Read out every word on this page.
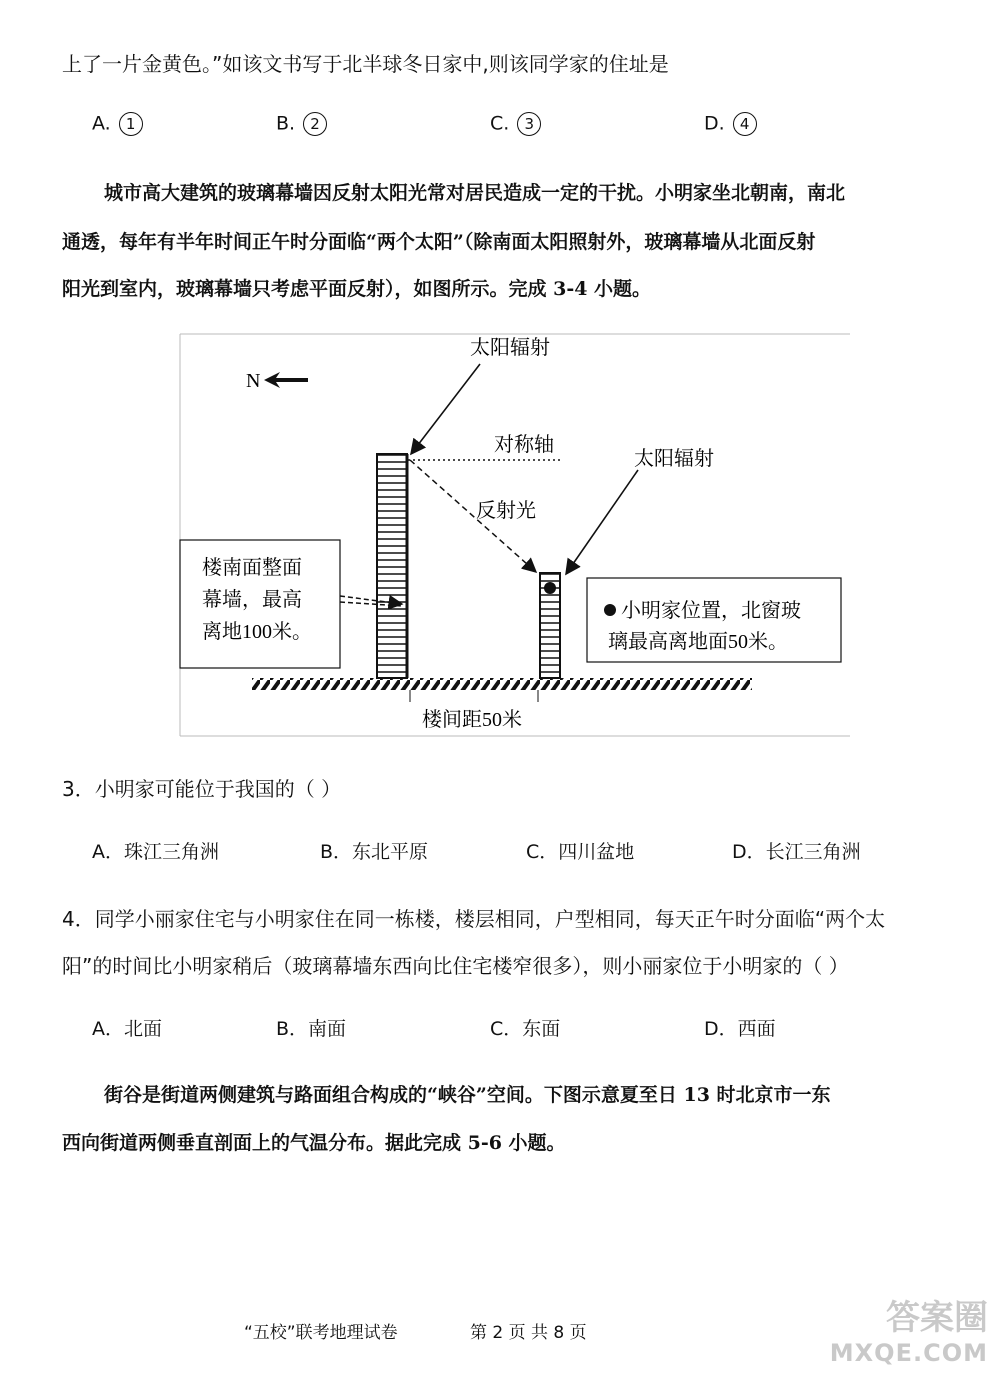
上了一片金黄色。”如该文书写于北半球冬日家中,则该同学家的住址是
A. 1	B. 2	C. 3	D. 4
城市高大建筑的玻璃幕墙因反射太阳光常对居民造成一定的干扰。小明家坐北朝南，南北
通透，每年有半年时间正午时分面临“两个太阳”（除南面太阳照射外，玻璃幕墙从北面反射
阳光到室内，玻璃幕墙只考虑平面反射），如图所示。完成 3-4 小题。
N
太阳辐射
对称轴
反射光
太阳辐射
楼南面整面
幕墙，最高
离地100米。
小明家位置，北窗玻
璃最高离地面50米。
楼间距50米
3．小明家可能位于我国的（ ）
A．珠江三角洲	B．东北平原	C．四川盆地	D．长江三角洲
4．同学小丽家住宅与小明家住在同一栋楼，楼层相同，户型相同，每天正午时分面临“两个太
阳”的时间比小明家稍后（玻璃幕墙东西向比住宅楼窄很多），则小丽家位于小明家的（ ）
A．北面	B．南面	C．东面	D．西面
街谷是街道两侧建筑与路面组合构成的“峡谷”空间。下图示意夏至日 13 时北京市一东
西向街道两侧垂直剖面上的气温分布。据此完成 5-6 小题。
“五校”联考地理试卷	第 2 页 共 8 页	答案圈
MXQE.COM
